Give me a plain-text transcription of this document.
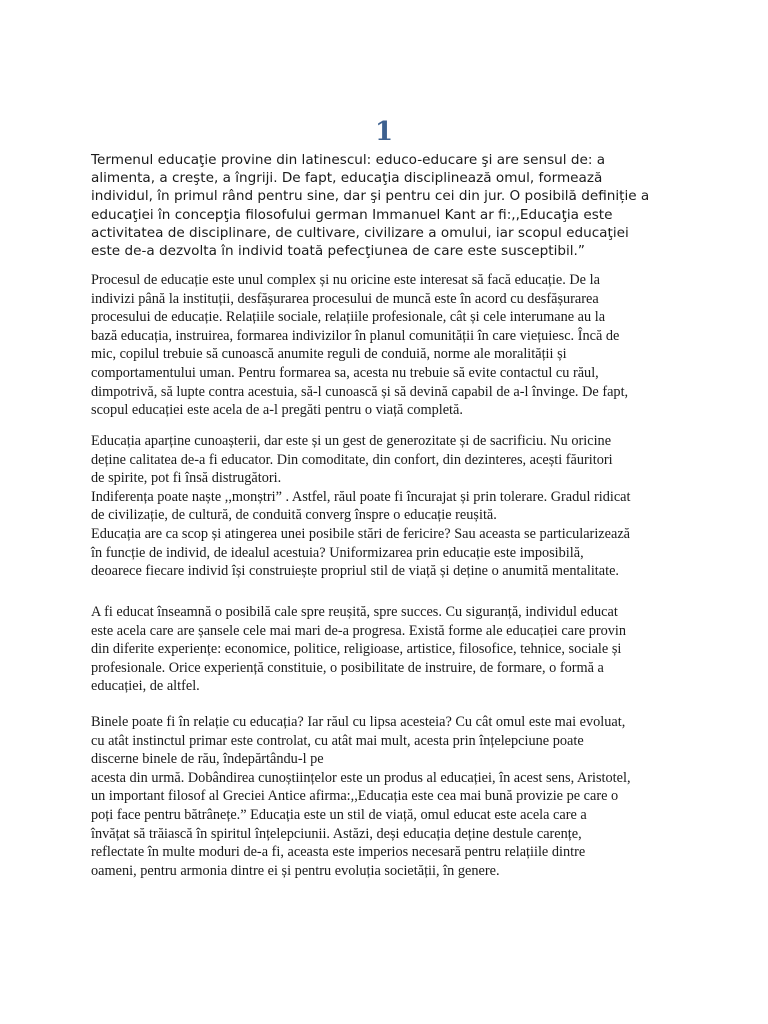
1

Termenul educaţie provine din latinescul: educo-educare şi are sensul de: a
alimenta, a creşte, a îngriji. De fapt, educaţia disciplinează omul, formează
individul, în primul rând pentru sine, dar şi pentru cei din jur. O posibilă definiție a
educaţiei în concepţia filosofului german Immanuel Kant ar fi:,,Educaţia este
activitatea de disciplinare, de cultivare, civilizare a omului, iar scopul educaţiei
este de-a dezvolta în individ toată pefecţiunea de care este susceptibil.”

Procesul de educație este unul complex și nu oricine este interesat să facă educație. De la
indivizi până la instituții, desfășurarea procesului de muncă este în acord cu desfășurarea
procesului de educație. Relațiile sociale, relațiile profesionale, cât și cele interumane au la
bază educația, instruirea, formarea indivizilor în planul comunității în care viețuiesc. Încă de
mic, copilul trebuie să cunoască anumite reguli de conduiă, norme ale moralității și
comportamentului uman. Pentru formarea sa, acesta nu trebuie să evite contactul cu răul,
dimpotrivă, să lupte contra acestuia, să-l cunoască și să devină capabil de a-l învinge. De fapt,
scopul educației este acela de a-l pregăti pentru o viață completă.

Educația aparține cunoașterii, dar este și un gest de generozitate și de sacrificiu. Nu oricine
deține calitatea de-a fi educator. Din comoditate, din confort, din dezinteres, acești făuritori
de spirite, pot fi însă distrugători.
Indiferența poate naște ,,monștri” . Astfel, răul poate fi încurajat și prin tolerare. Gradul ridicat
de civilizație, de cultură, de conduită converg înspre o educație reușită.
Educația are ca scop și atingerea unei posibile stări de fericire? Sau aceasta se particularizează
în funcție de individ, de idealul acestuia? Uniformizarea prin educație este imposibilă,
deoarece fiecare individ își construiește propriul stil de viață și deține o anumită mentalitate.

A fi educat înseamnă o posibilă cale spre reușită, spre succes. Cu siguranță, individul educat
este acela care are șansele cele mai mari de-a progresa. Există forme ale educației care provin
din diferite experiențe: economice, politice, religioase, artistice, filosofice, tehnice, sociale și
profesionale. Orice experiență constituie, o posibilitate de instruire, de formare, o formă a
educației, de altfel.

Binele poate fi în relație cu educația? Iar răul cu lipsa acesteia? Cu cât omul este mai evoluat,
cu atât instinctul primar este controlat, cu atât mai mult, acesta prin înțelepciune poate
discerne binele de rău, îndepărtându-l pe
acesta din urmă. Dobândirea cunoștiințelor este un produs al educației, în acest sens, Aristotel,
un important filosof al Greciei Antice afirma:,,Educația este cea mai bună provizie pe care o
poți face pentru bătrânețe.” Educația este un stil de viață, omul educat este acela care a
învățat să trăiască în spiritul înțelepciunii. Astăzi, deși educația deține destule carențe,
reflectate în multe moduri de-a fi, aceasta este imperios necesară pentru relațiile dintre
oameni, pentru armonia dintre ei și pentru evoluția societății, în genere.
